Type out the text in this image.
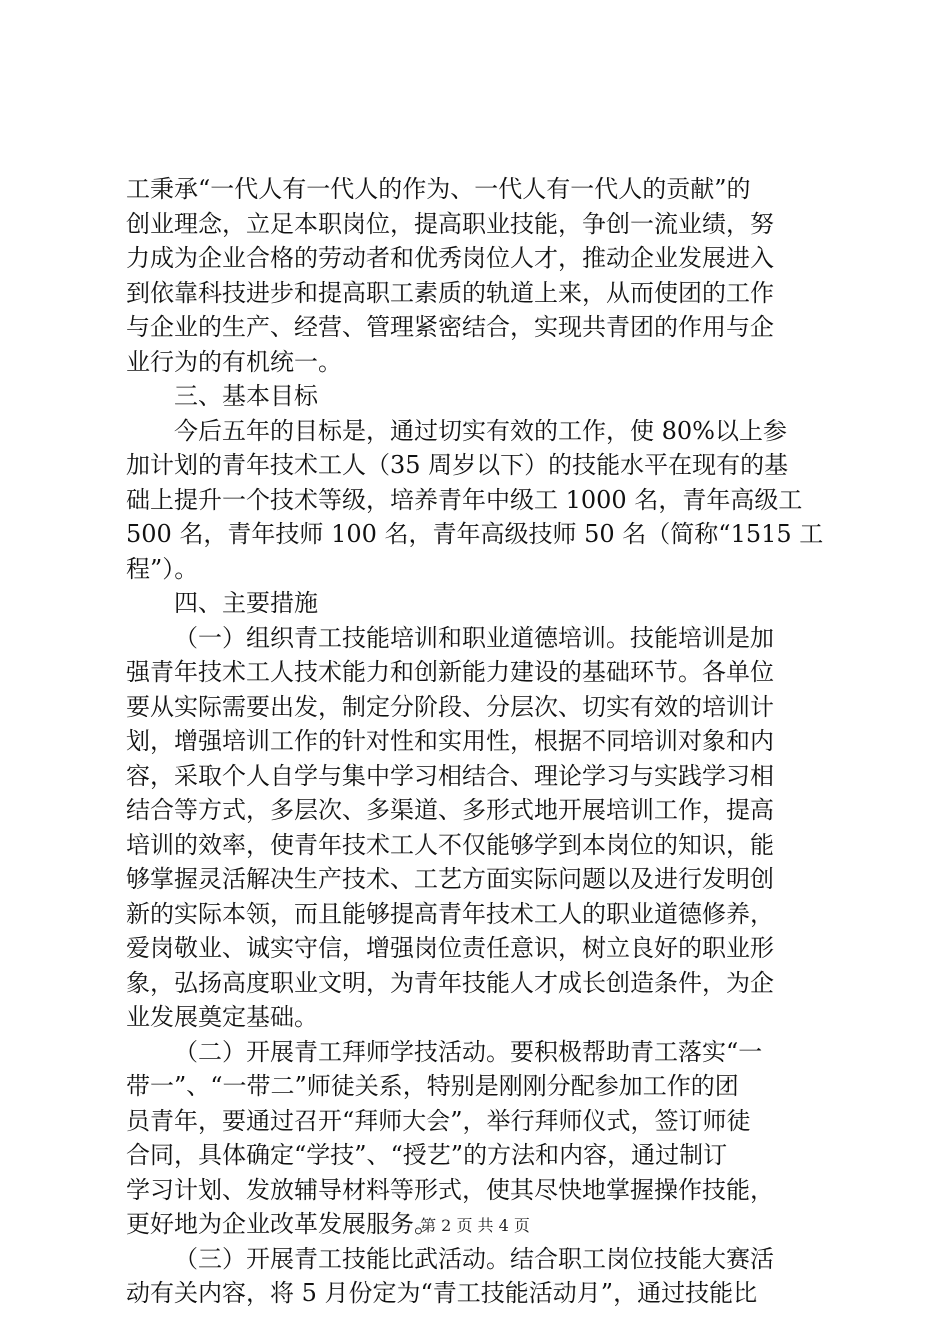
工秉承“一代人有一代人的作为、一代人有一代人的贡献”的
创业理念，立足本职岗位，提高职业技能，争创一流业绩，努
力成为企业合格的劳动者和优秀岗位人才，推动企业发展进入
到依靠科技进步和提高职工素质的轨道上来，从而使团的工作
与企业的生产、经营、管理紧密结合，实现共青团的作用与企
业行为的有机统一。
三、基本目标
今后五年的目标是，通过切实有效的工作，使 80%以上参
加计划的青年技术工人（35 周岁以下）的技能水平在现有的基
础上提升一个技术等级，培养青年中级工 1000 名，青年高级工
500 名，青年技师 100 名，青年高级技师 50 名（简称“1515 工
程”）。
四、主要措施
（一）组织青工技能培训和职业道德培训。技能培训是加
强青年技术工人技术能力和创新能力建设的基础环节。各单位
要从实际需要出发，制定分阶段、分层次、切实有效的培训计
划，增强培训工作的针对性和实用性，根据不同培训对象和内
容，采取个人自学与集中学习相结合、理论学习与实践学习相
结合等方式，多层次、多渠道、多形式地开展培训工作，提高
培训的效率，使青年技术工人不仅能够学到本岗位的知识，能
够掌握灵活解决生产技术、工艺方面实际问题以及进行发明创
新的实际本领，而且能够提高青年技术工人的职业道德修养，
爱岗敬业、诚实守信，增强岗位责任意识，树立良好的职业形
象，弘扬高度职业文明，为青年技能人才成长创造条件，为企
业发展奠定基础。
（二）开展青工拜师学技活动。要积极帮助青工落实“一
带一”、“一带二”师徒关系，特别是刚刚分配参加工作的团
员青年，要通过召开“拜师大会”，举行拜师仪式，签订师徒
合同，具体确定“学技”、“授艺”的方法和内容，通过制订
学习计划、发放辅导材料等形式，使其尽快地掌握操作技能，
更好地为企业改革发展服务。
（三）开展青工技能比武活动。结合职工岗位技能大赛活
动有关内容，将 5 月份定为“青工技能活动月”，通过技能比
第 2 页 共 4 页
